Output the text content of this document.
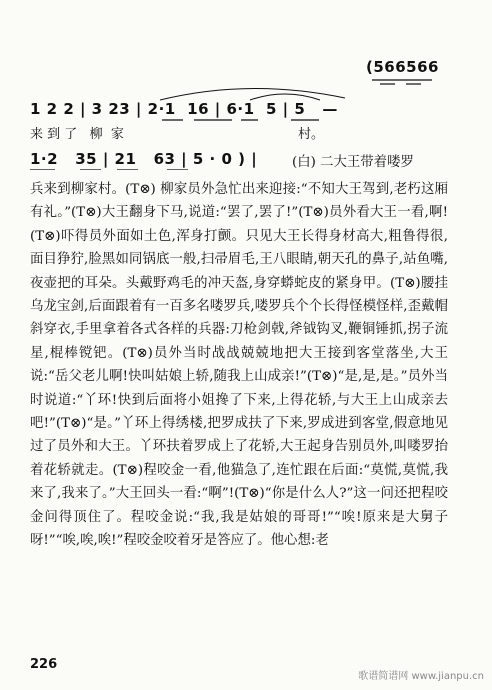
(566566
1 2 2 | 3 23 | 2·1  16 | 6·1  5 | 5   —
来 到 了   柳  家	村。
1·2   35 | 21   63 | 5 · 0 ) |	(白) 二大王带着喽罗

兵来到柳家村。(T⊗) 柳家员外急忙出来迎接:“不知大王驾到,老朽这厢有礼。”(T⊗)大王翻身下马,说道:“罢了,罢了!”(T⊗)员外看大王一看,啊!(T⊗)吓得员外面如土色,浑身打颤。只见大王长得身材高大,粗鲁得很,面目狰狞,脸黑如同锅底一般,扫帚眉毛,王八眼睛,朝天孔的鼻子,站鱼嘴,夜壶把的耳朵。头戴野鸡毛的冲天盔,身穿蟒蛇皮的紧身甲。(T⊗)腰挂乌龙宝剑,后面跟着有一百多名喽罗兵,喽罗兵个个长得怪模怪样,歪戴帽斜穿衣,手里拿着各式各样的兵器:刀枪剑戟,斧钺钩叉,鞭铜锤抓,拐子流星,棍棒镋钯。(T⊗)员外当时战战兢兢地把大王接到客堂落坐,大王说:“岳父老儿啊!快叫姑娘上轿,随我上山成亲!”(T⊗)“是,是,是。”员外当时说道:“丫环!快到后面将小姐搀了下来,上得花轿,与大王上山成亲去吧!”(T⊗)“是。”丫环上得绣楼,把罗成扶了下来,罗成进到客堂,假意地见过了员外和大王。丫环扶着罗成上了花轿,大王起身告别员外,叫喽罗抬着花轿就走。(T⊗)程咬金一看,他猫急了,连忙跟在后面:“莫慌,莫慌,我来了,我来了。”大王回头一看:“啊”!(T⊗)“你是什么人?”这一问还把程咬金问得顶住了。程咬金说:“我,我是姑娘的哥哥!”“唉!原来是大舅子呀!”“唉,唉,唉!”程咬金咬着牙是答应了。他心想:老

226
歌谱简谱网 www.jianpu.cn
